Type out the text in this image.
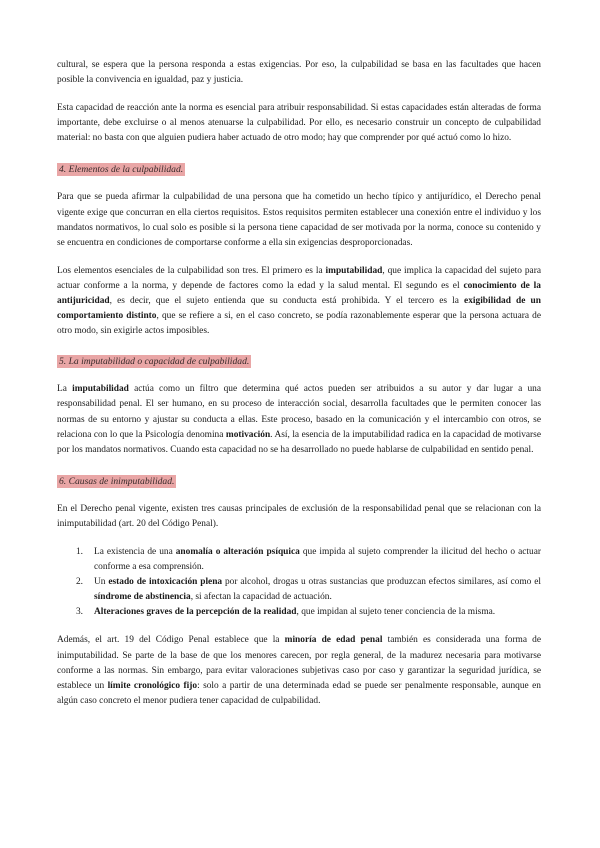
cultural, se espera que la persona responda a estas exigencias. Por eso, la culpabilidad se basa en las facultades que hacen posible la convivencia en igualdad, paz y justicia.

Esta capacidad de reacción ante la norma es esencial para atribuir responsabilidad. Si estas capacidades están alteradas de forma importante, debe excluirse o al menos atenuarse la culpabilidad. Por ello, es necesario construir un concepto de culpabilidad material: no basta con que alguien pudiera haber actuado de otro modo; hay que comprender por qué actuó como lo hizo.

4. Elementos de la culpabilidad.

Para que se pueda afirmar la culpabilidad de una persona que ha cometido un hecho típico y antijurídico, el Derecho penal vigente exige que concurran en ella ciertos requisitos. Estos requisitos permiten establecer una conexión entre el individuo y los mandatos normativos, lo cual solo es posible si la persona tiene capacidad de ser motivada por la norma, conoce su contenido y se encuentra en condiciones de comportarse conforme a ella sin exigencias desproporcionadas.

Los elementos esenciales de la culpabilidad son tres. El primero es la imputabilidad, que implica la capacidad del sujeto para actuar conforme a la norma, y depende de factores como la edad y la salud mental. El segundo es el conocimiento de la antijuricidad, es decir, que el sujeto entienda que su conducta está prohibida. Y el tercero es la exigibilidad de un comportamiento distinto, que se refiere a si, en el caso concreto, se podía razonablemente esperar que la persona actuara de otro modo, sin exigirle actos imposibles.

5. La imputabilidad o capacidad de culpabilidad.

La imputabilidad actúa como un filtro que determina qué actos pueden ser atribuidos a su autor y dar lugar a una responsabilidad penal. El ser humano, en su proceso de interacción social, desarrolla facultades que le permiten conocer las normas de su entorno y ajustar su conducta a ellas. Este proceso, basado en la comunicación y el intercambio con otros, se relaciona con lo que la Psicología denomina motivación. Así, la esencia de la imputabilidad radica en la capacidad de motivarse por los mandatos normativos. Cuando esta capacidad no se ha desarrollado no puede hablarse de culpabilidad en sentido penal.

6. Causas de inimputabilidad.

En el Derecho penal vigente, existen tres causas principales de exclusión de la responsabilidad penal que se relacionan con la inimputabilidad (art. 20 del Código Penal).

1.	La existencia de una anomalía o alteración psíquica que impida al sujeto comprender la ilicitud del hecho o actuar conforme a esa comprensión.
2.	Un estado de intoxicación plena por alcohol, drogas u otras sustancias que produzcan efectos similares, así como el síndrome de abstinencia, si afectan la capacidad de actuación.
3.	Alteraciones graves de la percepción de la realidad, que impidan al sujeto tener conciencia de la misma.

Además, el art. 19 del Código Penal establece que la minoría de edad penal también es considerada una forma de inimputabilidad. Se parte de la base de que los menores carecen, por regla general, de la madurez necesaria para motivarse conforme a las normas. Sin embargo, para evitar valoraciones subjetivas caso por caso y garantizar la seguridad jurídica, se establece un límite cronológico fijo: solo a partir de una determinada edad se puede ser penalmente responsable, aunque en algún caso concreto el menor pudiera tener capacidad de culpabilidad.
